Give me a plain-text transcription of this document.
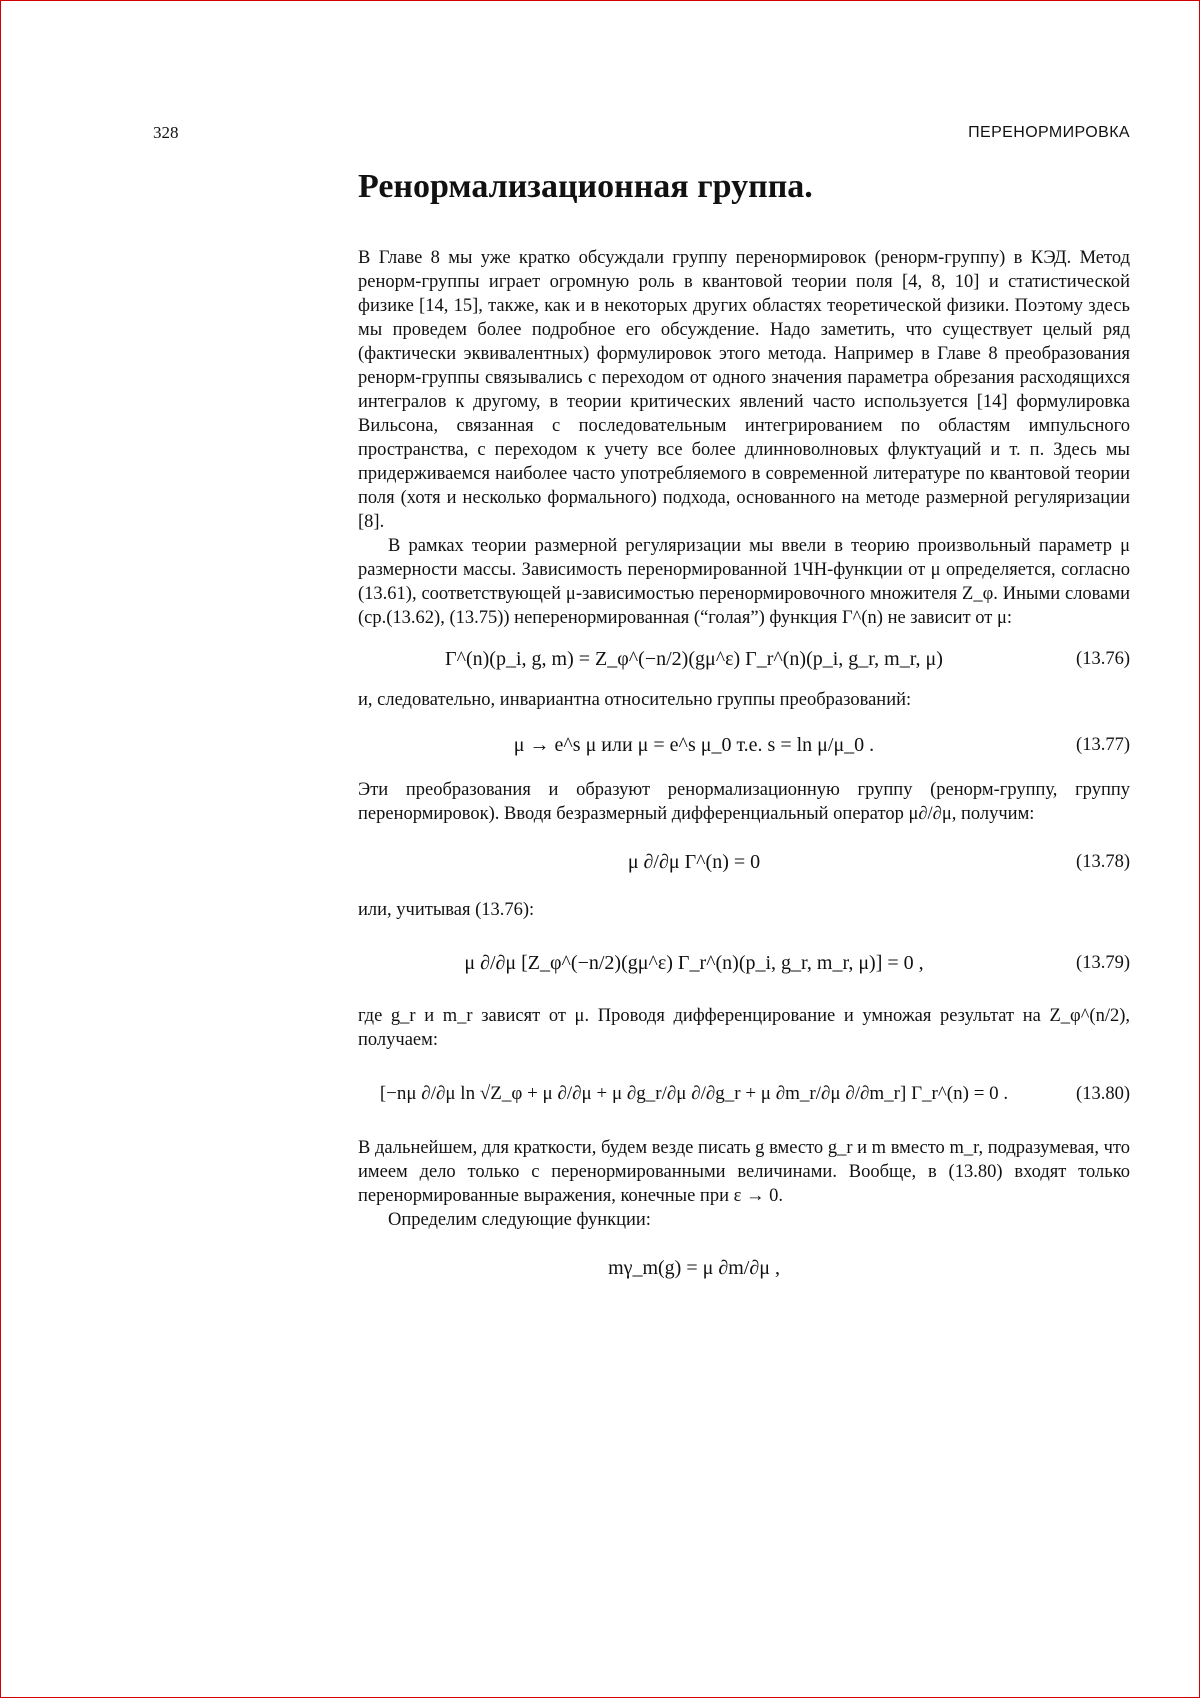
328	ПЕРЕНОРМИРОВКА
Ренормализационная группа.

В Главе 8 мы уже кратко обсуждали группу перенормировок (ренорм-группу) в КЭД. Метод ренорм-группы играет огромную роль в квантовой теории поля [4, 8, 10] и статистической физике [14, 15], также, как и в некоторых других областях теоретической физики. Поэтому здесь мы проведем более подробное его обсуждение. Надо заметить, что существует целый ряд (фактически эквивалентных) формулировок этого метода. Например в Главе 8 преобразования ренорм-группы связывались с переходом от одного значения параметра обрезания расходящихся интегралов к другому, в теории критических явлений часто используется [14] формулировка Вильсона, связанная с последовательным интегрированием по областям импульсного пространства, с переходом к учету все более длинноволновых флуктуаций и т. п. Здесь мы придерживаемся наиболее часто употребляемого в современной литературе по квантовой теории поля (хотя и несколько формального) подхода, основанного на методе размерной регуляризации [8].

В рамках теории размерной регуляризации мы ввели в теорию произвольный параметр μ размерности массы. Зависимость перенормированной 1ЧН-функции от μ определяется, согласно (13.61), соответствующей μ-зависимостью перенормировочного множителя Z_φ. Иными словами (ср.(13.62), (13.75)) неперенормированная (“голая”) функция Γ^(n) не зависит от μ:

Γ^(n)(p_i, g, m) = Z_φ^(−n/2)(gμ^ε) Γ_r^(n)(p_i, g_r, m_r, μ)	(13.76)

и, следовательно, инвариантна относительно группы преобразований:

μ → e^s μ или μ = e^s μ_0 т.е. s = ln μ/μ_0 .	(13.77)

Эти преобразования и образуют ренормализационную группу (ренорм-группу, группу перенормировок). Вводя безразмерный дифференциальный оператор μ∂/∂μ, получим:

μ ∂/∂μ Γ^(n) = 0	(13.78)

или, учитывая (13.76):

μ ∂/∂μ [Z_φ^(−n/2)(gμ^ε) Γ_r^(n)(p_i, g_r, m_r, μ)] = 0 ,	(13.79)

где g_r и m_r зависят от μ. Проводя дифференцирование и умножая результат на Z_φ^(n/2), получаем:

[−nμ ∂/∂μ ln √Z_φ + μ ∂/∂μ + μ ∂g_r/∂μ ∂/∂g_r + μ ∂m_r/∂μ ∂/∂m_r] Γ_r^(n) = 0 .	(13.80)

В дальнейшем, для краткости, будем везде писать g вместо g_r и m вместо m_r, подразумевая, что имеем дело только с перенормированными величинами. Вообще, в (13.80) входят только перенормированные выражения, конечные при ε → 0.

Определим следующие функции:

mγ_m(g) = μ ∂m/∂μ ,
